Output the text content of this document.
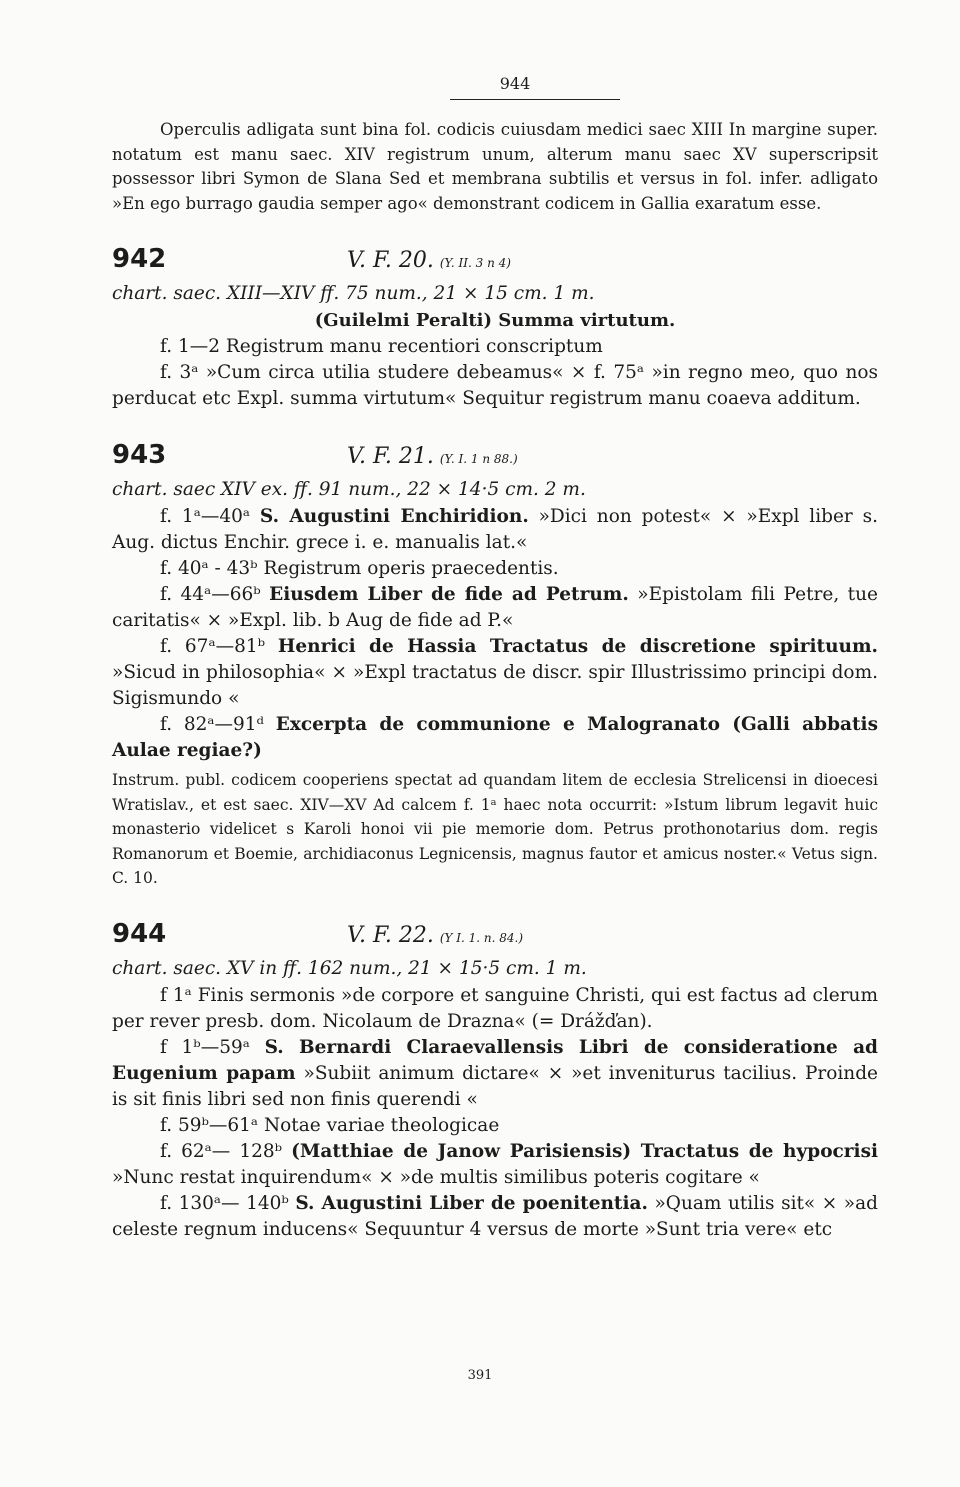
944

Operculis adligata sunt bina fol. codicis cuiusdam medici saec XIII In margine super. notatum est manu saec. XIV registrum unum, alterum manu saec XV superscripsit possessor libri Symon de Slana Sed et membrana subtilis et versus in fol. infer. adligato »En ego burrago gaudia semper ago« demonstrant codicem in Gallia exaratum esse.

942	V. F. 20. (Y. II. 3 n 4)
chart. saec. XIII—XIV ff. 75 num., 21 × 15 cm. 1 m.
(Guilelmi Peralti) Summa virtutum.

f. 1—2 Registrum manu recentiori conscriptum

f. 3ᵃ »Cum circa utilia studere debeamus« × f. 75ᵃ »in regno meo, quo nos perducat etc Expl. summa virtutum« Sequitur registrum manu coaeva additum.

943	V. F. 21. (Y. I. 1 n 88.)
chart. saec XIV ex. ff. 91 num., 22 × 14·5 cm. 2 m.

f. 1ᵃ—40ᵃ S. Augustini Enchiridion. »Dici non potest« × »Expl liber s. Aug. dictus Enchir. grece i. e. manualis lat.«

f. 40ᵃ - 43ᵇ Registrum operis praecedentis.

f. 44ᵃ—66ᵇ Eiusdem Liber de fide ad Petrum. »Epistolam fili Petre, tue caritatis« × »Expl. lib. b Aug de fide ad P.«

f. 67ᵃ—81ᵇ Henrici de Hassia Tractatus de discretione spirituum. »Sicud in philosophia« × »Expl tractatus de discr. spir Illustrissimo principi dom. Sigismundo «

f. 82ᵃ—91ᵈ Excerpta de communione e Malogranato (Galli abbatis Aulae regiae?)

Instrum. publ. codicem cooperiens spectat ad quandam litem de ecclesia Strelicensi in dioecesi Wratislav., et est saec. XIV—XV Ad calcem f. 1ᵃ haec nota occurrit: »Istum librum legavit huic monasterio videlicet s Karoli honoi vii pie memorie dom. Petrus prothonotarius dom. regis Romanorum et Boemie, archidiaconus Legnicensis, magnus fautor et amicus noster.« Vetus sign. C. 10.

944	V. F. 22. (Y I. 1. n. 84.)
chart. saec. XV in ff. 162 num., 21 × 15·5 cm. 1 m.

f 1ᵃ Finis sermonis »de corpore et sanguine Christi, qui est factus ad clerum per rever presb. dom. Nicolaum de Drazna« (= Drážďan).

f 1ᵇ—59ᵃ S. Bernardi Claraevallensis Libri de consideratione ad Eugenium papam »Subiit animum dictare« × »et inveniturus tacilius. Proinde is sit finis libri sed non finis querendi «

f. 59ᵇ—61ᵃ Notae variae theologicae

f. 62ᵃ— 128ᵇ (Matthiae de Janow Parisiensis) Tractatus de hypocrisi »Nunc restat inquirendum« × »de multis similibus poteris cogitare «

f. 130ᵃ— 140ᵇ S. Augustini Liber de poenitentia. »Quam utilis sit« × »ad celeste regnum inducens« Sequuntur 4 versus de morte »Sunt tria vere« etc

391
